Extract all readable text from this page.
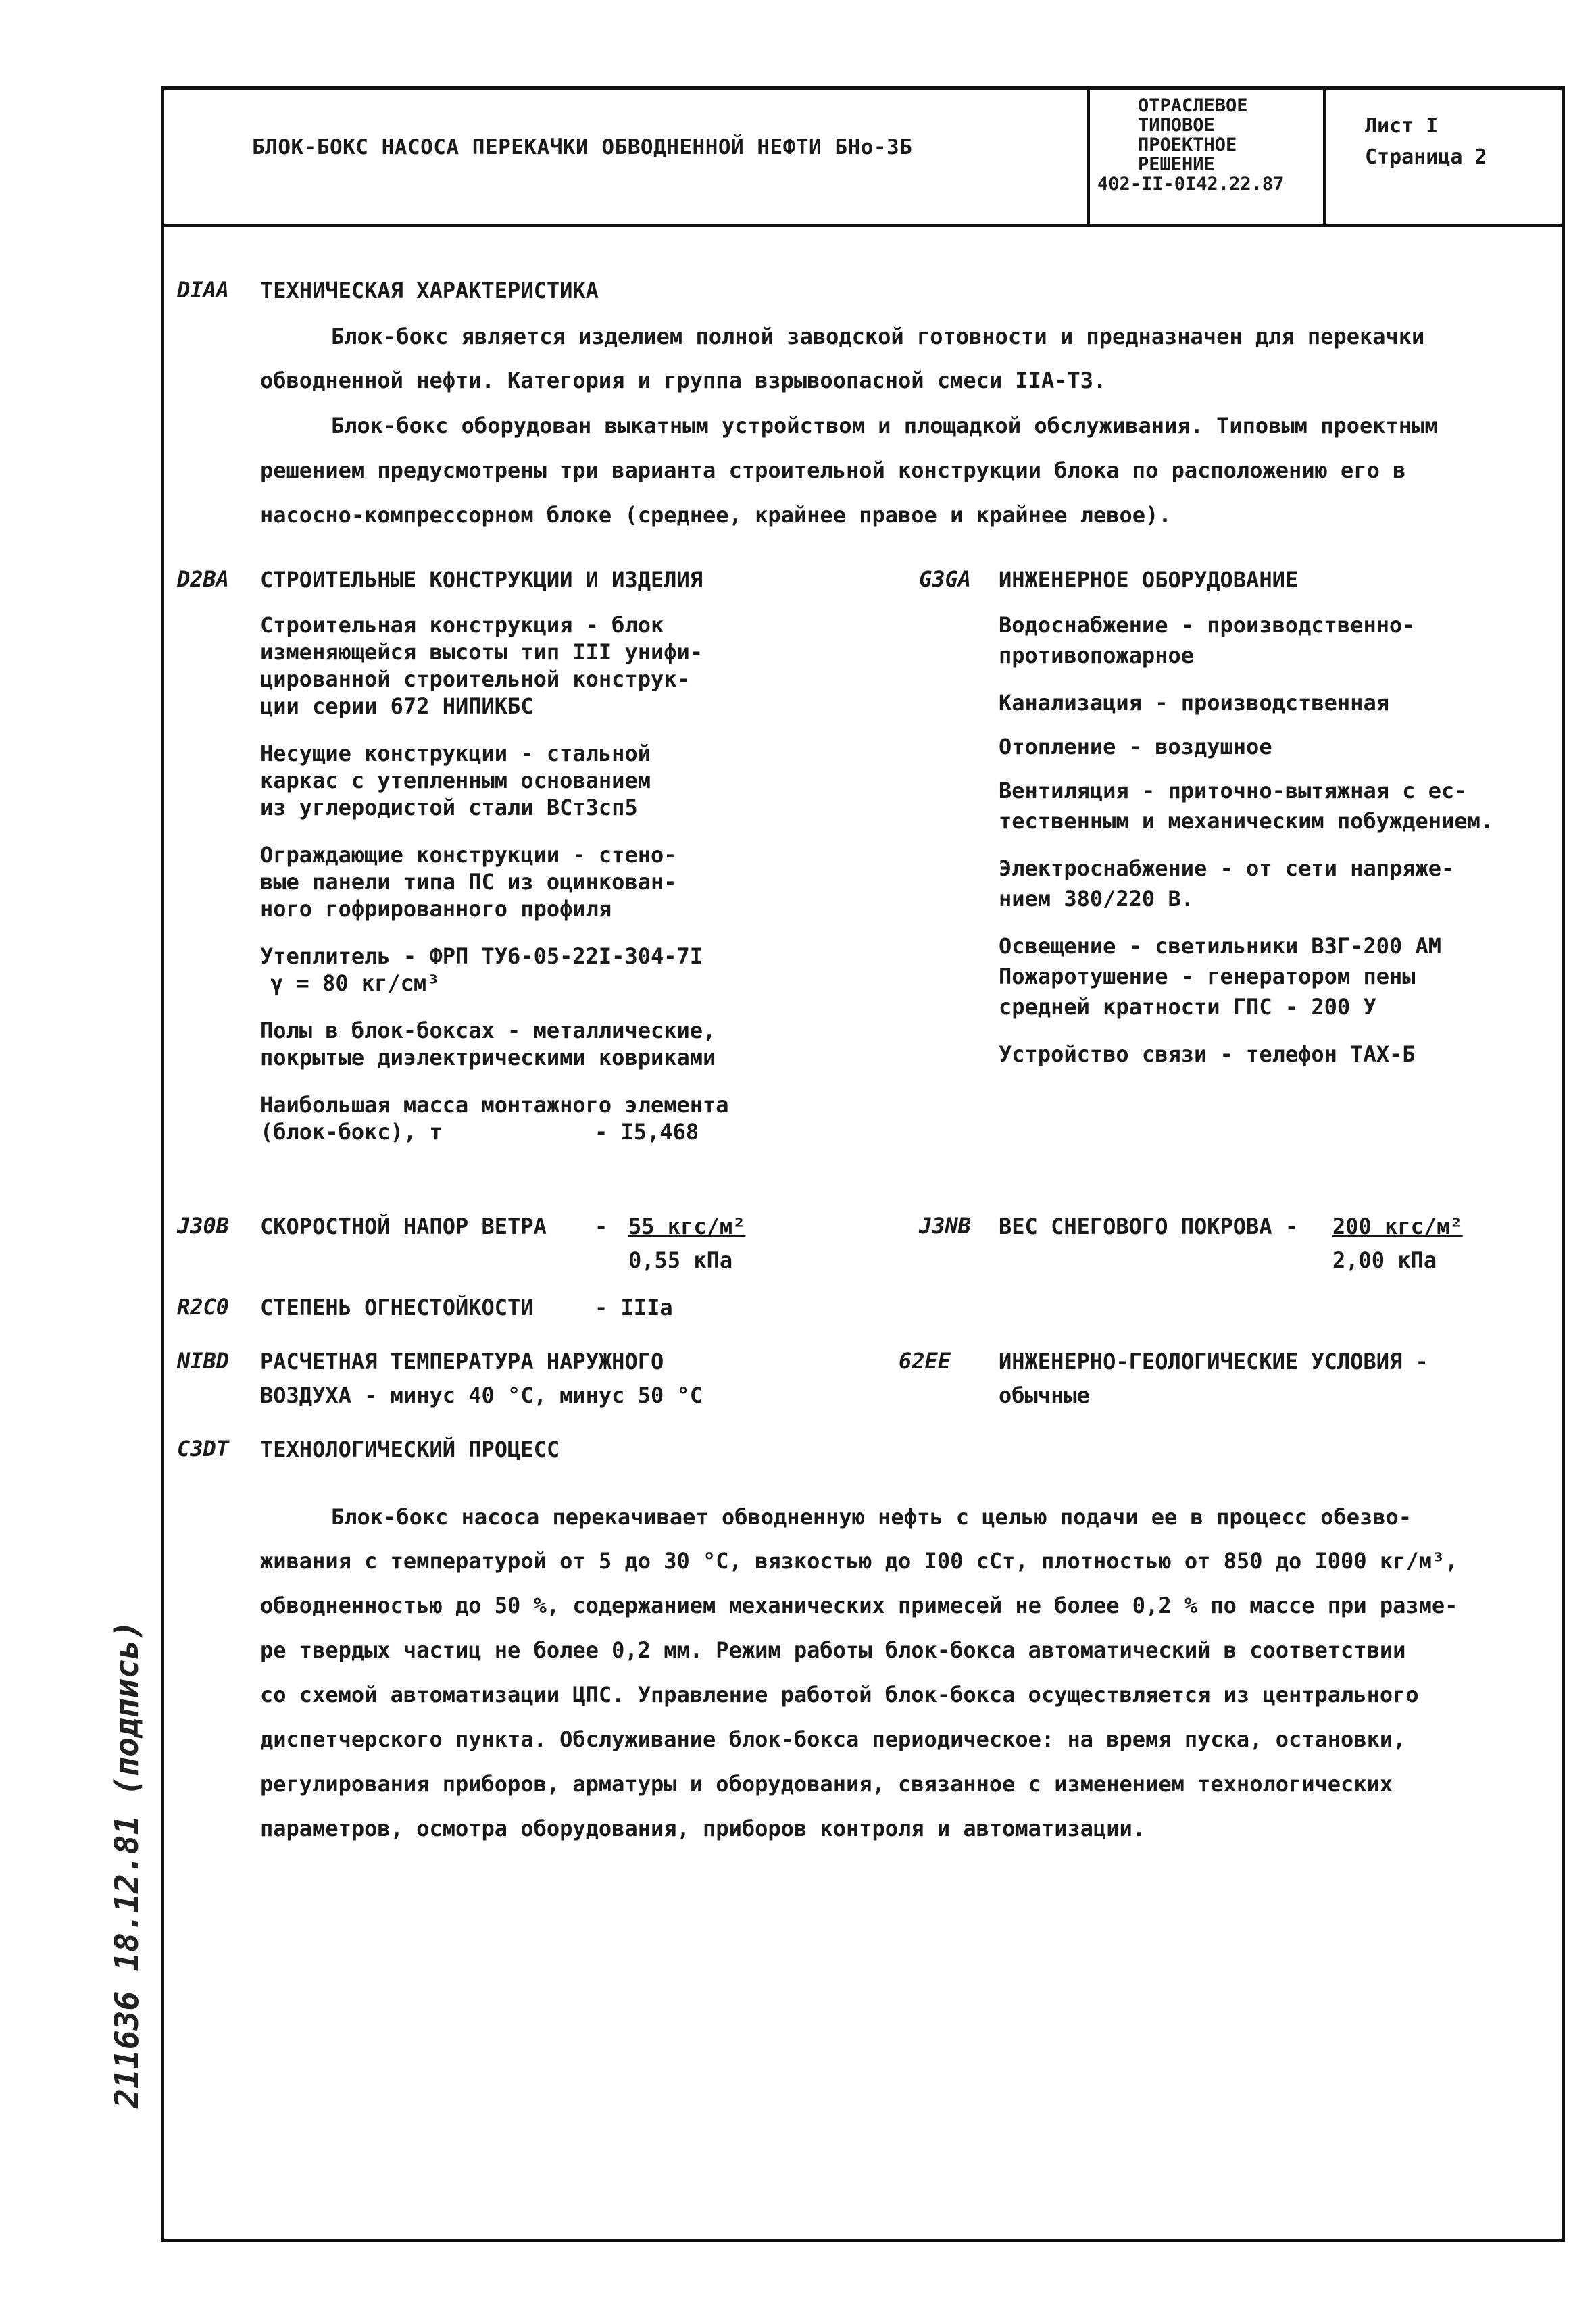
БЛОК-БОКС НАСОСА ПЕРЕКАЧКИ ОБВОДНЕННОЙ НЕФТИ БНо-3Б
ОТРАСЛЕВОЕ
ТИПОВОЕ
ПРОЕКТНОЕ
РЕШЕНИЕ
402-II-0I42.22.87
Лист I
Страница 2
DIAA ТЕХНИЧЕСКАЯ ХАРАКТЕРИСТИКА
Блок-бокс является изделием полной заводской готовности и предназначен для перекачки
обводненной нефти. Категория и группа взрывоопасной смеси IIA-Т3.
Блок-бокс оборудован выкатным устройством и площадкой обслуживания. Типовым проектным
решением предусмотрены три варианта строительной конструкции блока по расположению его в
насосно-компрессорном блоке (среднее, крайнее правое и крайнее левое).
D2BA СТРОИТЕЛЬНЫЕ КОНСТРУКЦИИ И ИЗДЕЛИЯ
Строительная конструкция - блок
изменяющейся высоты тип III унифи-
цированной строительной конструк-
ции серии 672 НИПИКБС
Несущие конструкции - стальной
каркас с утепленным основанием
из углеродистой стали ВСт3сп5
Ограждающие конструкции - стено-
вые панели типа ПС из оцинкован-
ного гофрированного профиля
Утеплитель - ФРП ТУ6-05-22I-304-7I
γ = 80 кг/см³
Полы в блок-боксах - металлические,
покрытые диэлектрическими ковриками
Наибольшая масса монтажного элемента
(блок-бокс), т	- I5,468
G3GA ИНЖЕНЕРНОЕ ОБОРУДОВАНИЕ
Водоснабжение - производственно-
противопожарное
Канализация - производственная
Отопление - воздушное
Вентиляция - приточно-вытяжная с ес-
тественным и механическим побуждением.
Электроснабжение - от сети напряже-
нием 380/220 В.
Освещение - светильники ВЗГ-200 АМ
Пожаротушение - генератором пены
средней кратности ГПС - 200 У
Устройство связи - телефон ТАХ-Б
J30B СКОРОСТНОЙ НАПОР ВЕТРА - 55 кгс/м²
0,55 кПа
J3NB ВЕС СНЕГОВОГО ПОКРОВА - 200 кгс/м²
2,00 кПа
R2C0 СТЕПЕНЬ ОГНЕСТОЙКОСТИ	- IIIа
NIBD РАСЧЕТНАЯ ТЕМПЕРАТУРА НАРУЖНОГО
ВОЗДУХА - минус 40 °С, минус 50 °С
62EE ИНЖЕНЕРНО-ГЕОЛОГИЧЕСКИЕ УСЛОВИЯ -
обычные
C3DT ТЕХНОЛОГИЧЕСКИЙ ПРОЦЕСС
Блок-бокс насоса перекачивает обводненную нефть с целью подачи ее в процесс обезво-
живания с температурой от 5 до 30 °С, вязкостью до I00 сСт, плотностью от 850 до I000 кг/м³,
обводненностью до 50 %, содержанием механических примесей не более 0,2 % по массе при разме-
ре твердых частиц не более 0,2 мм. Режим работы блок-бокса автоматический в соответствии
со схемой автоматизации ЦПС. Управление работой блок-бокса осуществляется из центрального
диспетчерского пункта. Обслуживание блок-бокса периодическое: на время пуска, остановки,
регулирования приборов, арматуры и оборудования, связанное с изменением технологических
параметров, осмотра оборудования, приборов контроля и автоматизации.
211636 18.12.81 (подпись)
